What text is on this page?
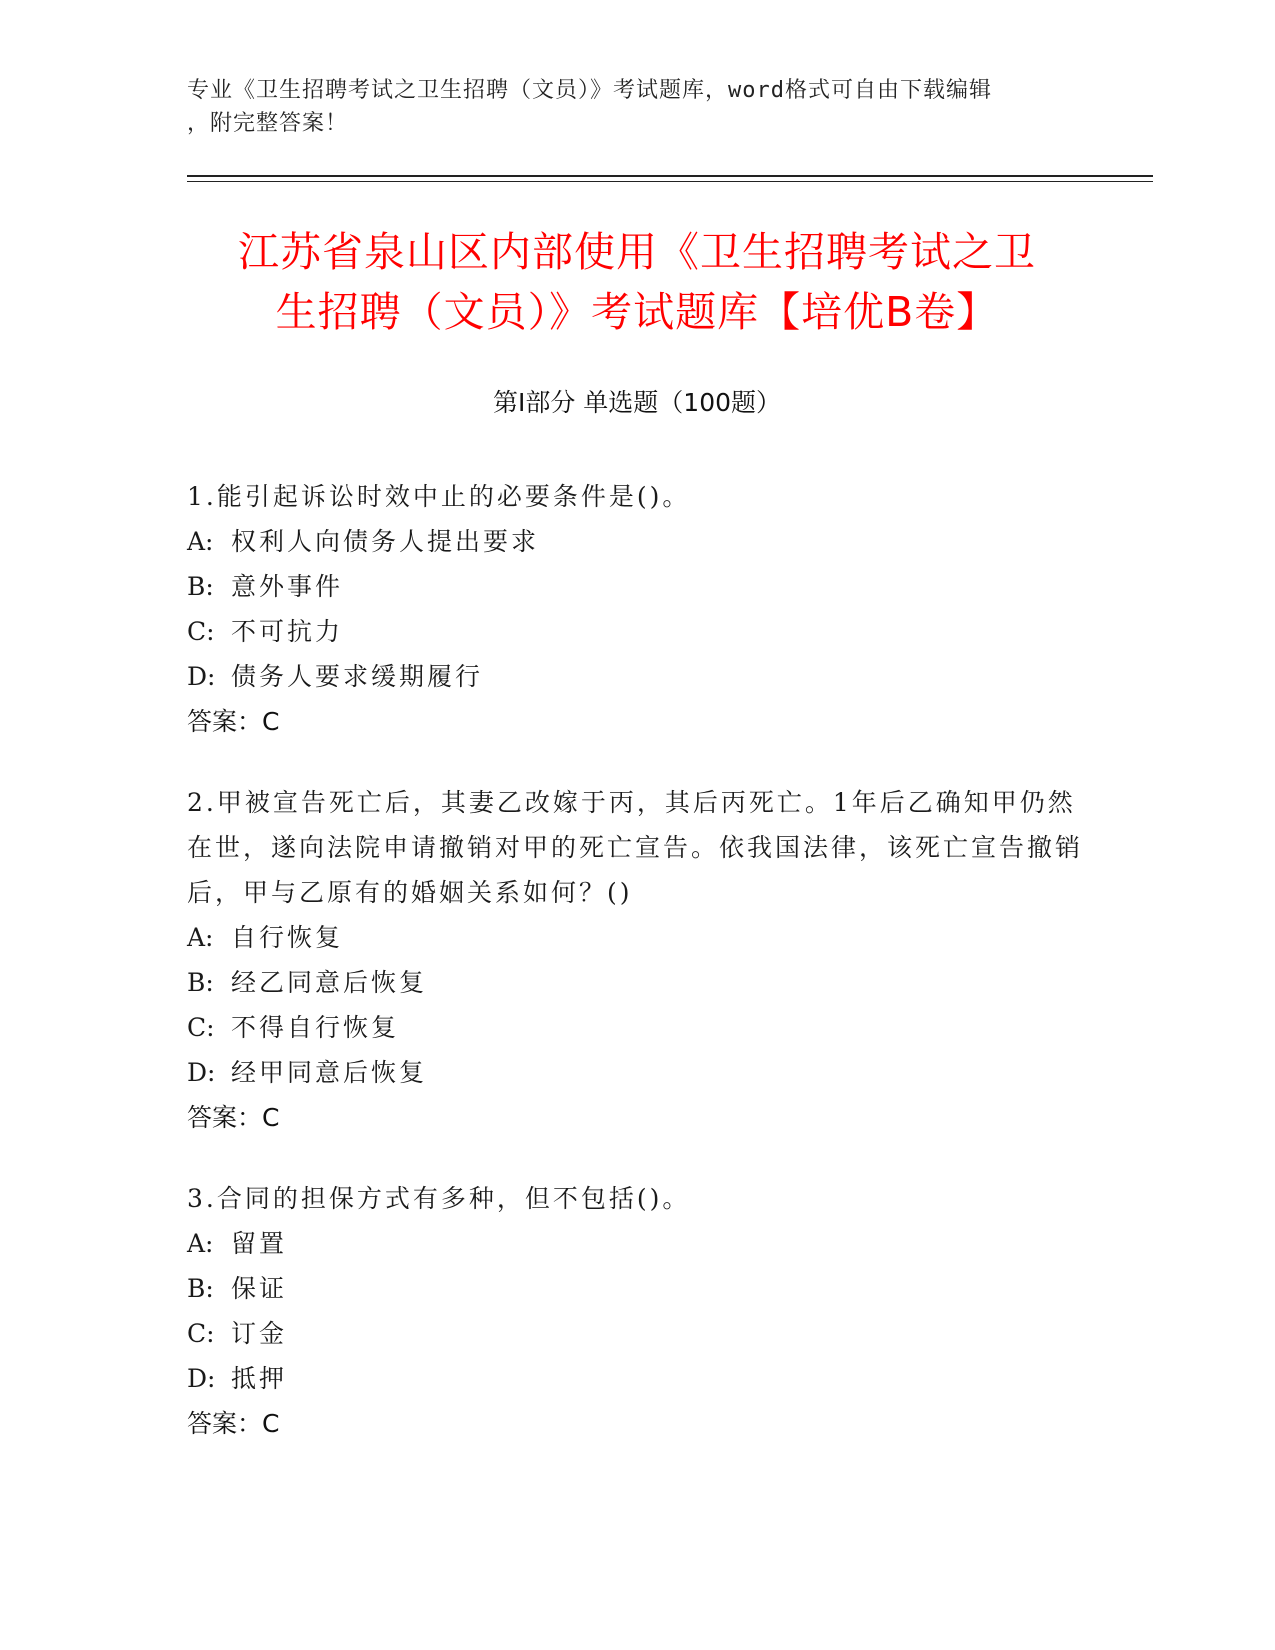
专业《卫生招聘考试之卫生招聘（文员）》考试题库，word格式可自由下载编辑
，附完整答案！
江苏省泉山区内部使用《卫生招聘考试之卫
生招聘（文员）》考试题库【培优B卷】
第Ⅰ部分 单选题（100题）
1.能引起诉讼时效中止的必要条件是()。
A: 权利人向债务人提出要求
B: 意外事件
C: 不可抗力
D: 债务人要求缓期履行
答案：C
2.甲被宣告死亡后，其妻乙改嫁于丙，其后丙死亡。1年后乙确知甲仍然在世，遂向法院申请撤销对甲的死亡宣告。依我国法律，该死亡宣告撤销后，甲与乙原有的婚姻关系如何？()
A: 自行恢复
B: 经乙同意后恢复
C: 不得自行恢复
D: 经甲同意后恢复
答案：C
3.合同的担保方式有多种，但不包括()。
A: 留置
B: 保证
C: 订金
D: 抵押
答案：C
